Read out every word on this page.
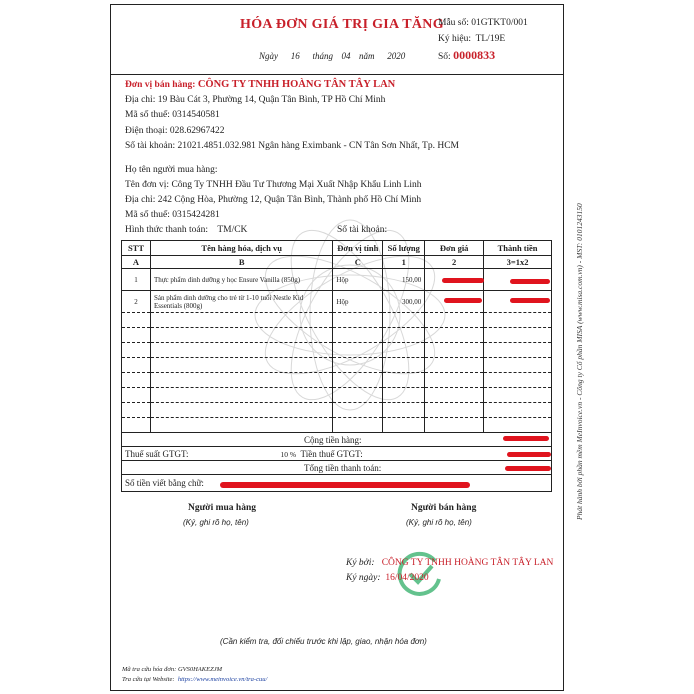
HÓA ĐƠN GIÁ TRỊ GIA TĂNG
Ngày 16 tháng 04 năm 2020
Mẫu số: 01GTKT0/001
Ký hiệu: TL/19E
Số: 0000833
Đơn vị bán hàng: CÔNG TY TNHH HOÀNG TÂN TÂY LAN
Địa chỉ: 19 Bàu Cát 3, Phường 14, Quận Tân Bình, TP Hồ Chí Minh
Mã số thuế: 0314540581
Điện thoại: 028.62967422
Số tài khoản: 21021.4851.032.981 Ngân hàng Eximbank - CN Tân Sơn Nhất, Tp. HCM
Họ tên người mua hàng:
Tên đơn vị: Công Ty TNHH Đầu Tư Thương Mại Xuất Nhập Khẩu Linh Linh
Địa chỉ: 242 Cộng Hòa, Phường 12, Quận Tân Bình, Thành phố Hồ Chí Minh
Mã số thuế: 0315424281
Hình thức thanh toán: TM/CK	Số tài khoản:
STT	Tên hàng hóa, dịch vụ	Đơn vị tính	Số lượng	Đơn giá	Thành tiền
A	B	C	1	2	3=1x2
1	Thực phẩm dinh dưỡng y học Ensure Vanilla (850g)	Hộp	150,00		
2	Sản phẩm dinh dưỡng cho trẻ từ 1-10 tuổi Nestle Kid Essentials (800g)	Hộp	300,00		

Cộng tiền hàng:					
Thuế suất GTGT: 10 % Tiền thuế GTGT:					
Tổng tiền thanh toán:					
Số tiền viết bằng chữ:					
Người mua hàng
(Ký, ghi rõ họ, tên)
Người bán hàng
(Ký, ghi rõ họ, tên)
Ký bởi: CÔNG TY TNHH HOÀNG TÂN TÂY LAN
Ký ngày: 16/04/2020
(Cần kiểm tra, đối chiếu trước khi lập, giao, nhận hóa đơn)
Mã tra cứu hóa đơn: GVS0HAKEZJM
Tra cứu tại Website: https://www.meinvoice.vn/tra-cuu/
Phát hành bởi phần mềm MeInvoice.vn - Công ty Cổ phần MISA (www.misa.com.vn) - MST: 0101243150
